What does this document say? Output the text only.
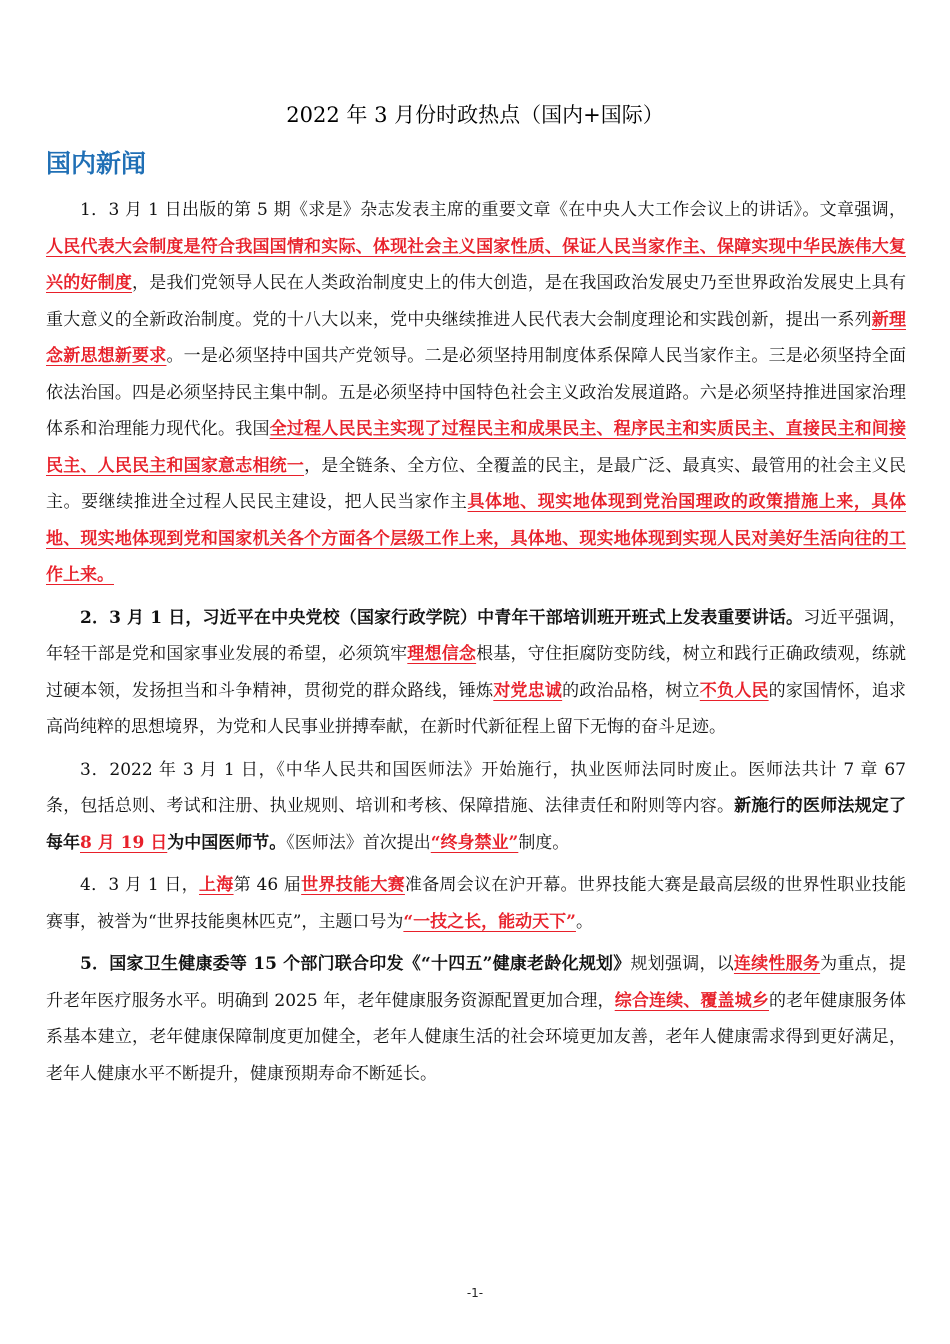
2022 年 3 月份时政热点（国内+国际）
国内新闻

1．3 月 1 日出版的第 5 期《求是》杂志发表主席的重要文章《在中央人大工作会议上的讲话》。文章强调，人民代表大会制度是符合我国国情和实际、体现社会主义国家性质、保证人民当家作主、保障实现中华民族伟大复兴的好制度，是我们党领导人民在人类政治制度史上的伟大创造，是在我国政治发展史乃至世界政治发展史上具有重大意义的全新政治制度。党的十八大以来，党中央继续推进人民代表大会制度理论和实践创新，提出一系列新理念新思想新要求。一是必须坚持中国共产党领导。二是必须坚持用制度体系保障人民当家作主。三是必须坚持全面依法治国。四是必须坚持民主集中制。五是必须坚持中国特色社会主义政治发展道路。六是必须坚持推进国家治理体系和治理能力现代化。我国全过程人民民主实现了过程民主和成果民主、程序民主和实质民主、直接民主和间接民主、人民民主和国家意志相统一，是全链条、全方位、全覆盖的民主，是最广泛、最真实、最管用的社会主义民主。要继续推进全过程人民民主建设，把人民当家作主具体地、现实地体现到党治国理政的政策措施上来，具体地、现实地体现到党和国家机关各个方面各个层级工作上来，具体地、现实地体现到实现人民对美好生活向往的工作上来。

2．3 月 1 日，习近平在中央党校（国家行政学院）中青年干部培训班开班式上发表重要讲话。习近平强调，年轻干部是党和国家事业发展的希望，必须筑牢理想信念根基，守住拒腐防变防线，树立和践行正确政绩观，练就过硬本领，发扬担当和斗争精神，贯彻党的群众路线，锤炼对党忠诚的政治品格，树立不负人民的家国情怀，追求高尚纯粹的思想境界，为党和人民事业拼搏奉献，在新时代新征程上留下无悔的奋斗足迹。

3．2022 年 3 月 1 日，《中华人民共和国医师法》开始施行，执业医师法同时废止。医师法共计 7 章 67 条，包括总则、考试和注册、执业规则、培训和考核、保障措施、法律责任和附则等内容。新施行的医师法规定了每年8 月 19 日为中国医师节。《医师法》首次提出“终身禁业”制度。

4．3 月 1 日，上海第 46 届世界技能大赛准备周会议在沪开幕。世界技能大赛是最高层级的世界性职业技能赛事，被誉为“世界技能奥林匹克”，主题口号为“一技之长，能动天下”。

5．国家卫生健康委等 15 个部门联合印发《“十四五”健康老龄化规划》规划强调，以连续性服务为重点，提升老年医疗服务水平。明确到 2025 年，老年健康服务资源配置更加合理，综合连续、覆盖城乡的老年健康服务体系基本建立，老年健康保障制度更加健全，老年人健康生活的社会环境更加友善，老年人健康需求得到更好满足，老年人健康水平不断提升，健康预期寿命不断延长。

-1-
